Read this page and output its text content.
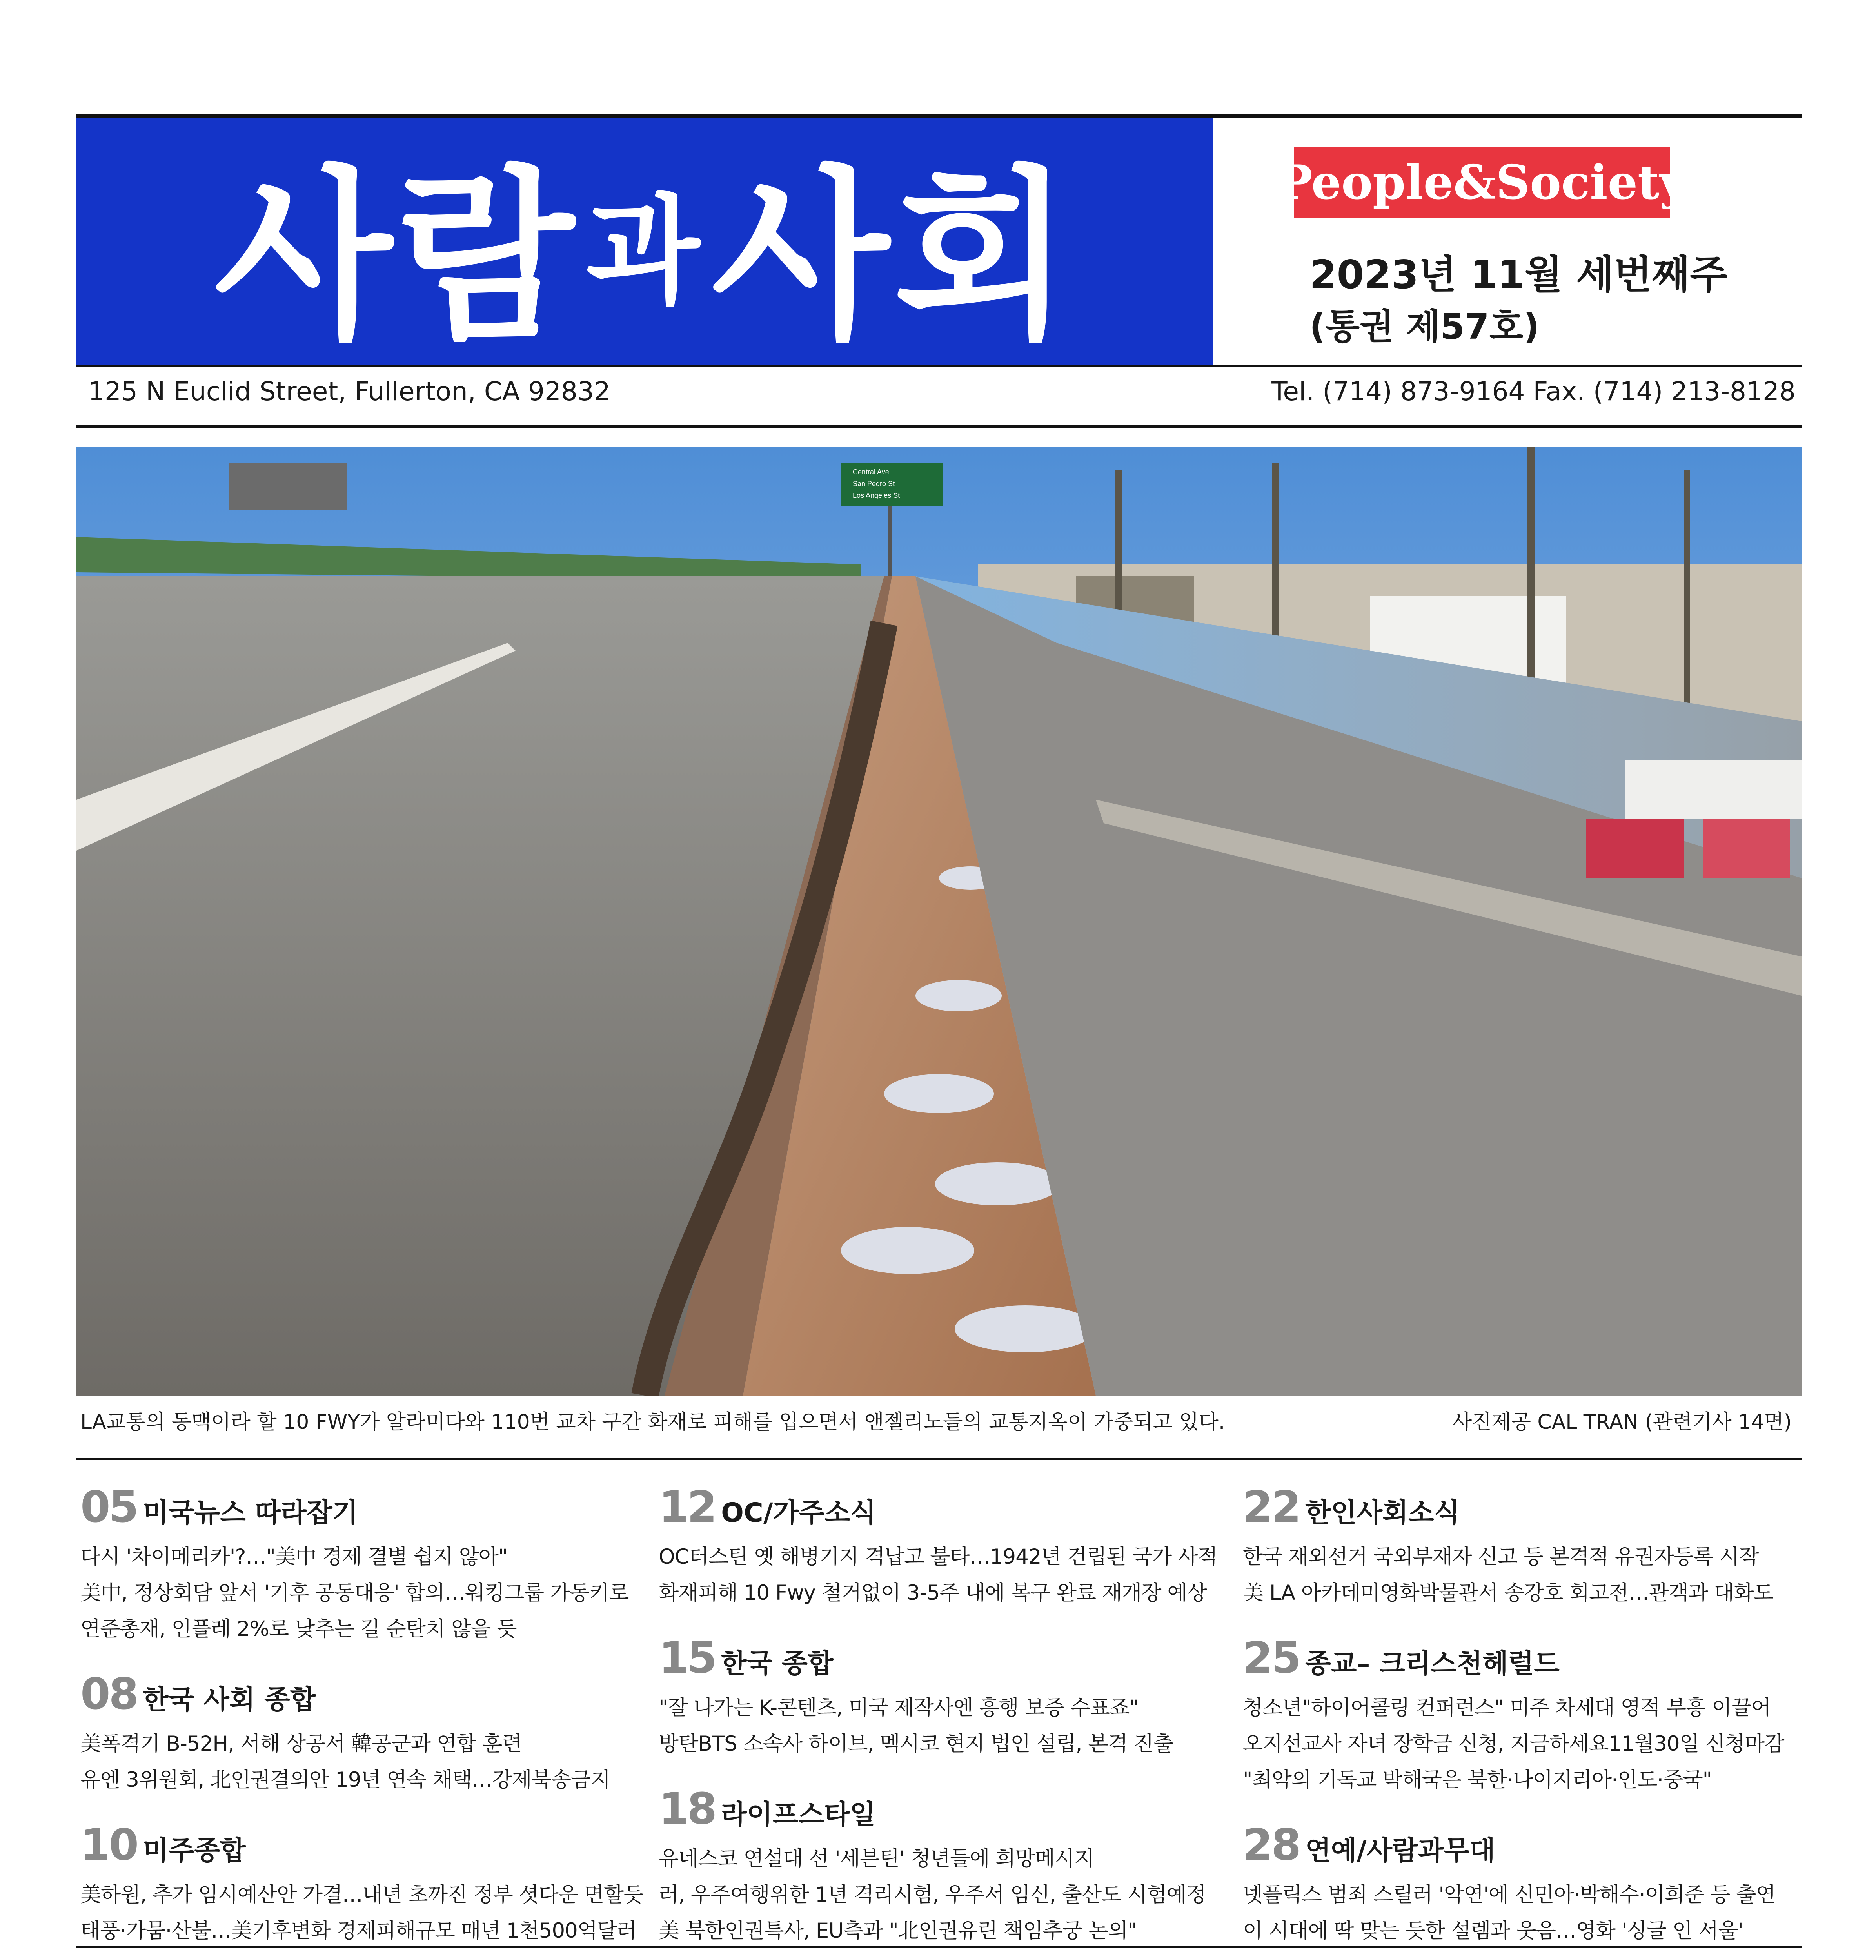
사람 과 사회	People&Society
2023년 11월 세번째주
(통권 제57호)
125 N Euclid Street, Fullerton, CA 92832	Tel. (714) 873-9164 Fax. (714) 213-8128
Central Ave
San Pedro St
Los Angeles St
LA교통의 동맥이라 할 10 FWY가 알라미다와 110번 교차 구간 화재로 피해를 입으면서 앤젤리노들의 교통지옥이 가중되고 있다.	사진제공 CAL TRAN (관련기사 14면)
05 미국뉴스 따라잡기
다시 '차이메리카'?…"美中 경제 결별 쉽지 않아"
美中, 정상회담 앞서 '기후 공동대응' 합의…워킹그룹 가동키로
연준총재, 인플레 2%로 낮추는 길 순탄치 않을 듯
08 한국 사회 종합
美폭격기 B-52H, 서해 상공서 韓공군과 연합 훈련
유엔 3위원회, 北인권결의안 19년 연속 채택…강제북송금지
10 미주종합
美하원, 추가 임시예산안 가결…내년 초까진 정부 셧다운 면할듯
태풍·가뭄·산불…美기후변화 경제피해규모 매년 1천500억달러
12 OC/가주소식
OC터스틴 옛 해병기지 격납고 불타…1942년 건립된 국가 사적
화재피해 10 Fwy 철거없이 3-5주 내에 복구 완료 재개장 예상
15 한국 종합
"잘 나가는 K-콘텐츠, 미국 제작사엔 흥행 보증 수표죠"
방탄BTS 소속사 하이브, 멕시코 현지 법인 설립, 본격 진출
18 라이프스타일
유네스코 연설대 선 '세븐틴' 청년들에 희망메시지
러, 우주여행위한 1년 격리시험, 우주서 임신, 출산도 시험예정
美 북한인권특사, EU측과 "北인권유린 책임추궁 논의"
22 한인사회소식
한국 재외선거 국외부재자 신고 등 본격적 유권자등록 시작
美 LA 아카데미영화박물관서 송강호 회고전…관객과 대화도
25 종교– 크리스천헤럴드
청소년"하이어콜링 컨퍼런스" 미주 차세대 영적 부흥 이끌어
오지선교사 자녀 장학금 신청, 지금하세요11월30일 신청마감
"최악의 기독교 박해국은 북한·나이지리아·인도·중국"
28 연예/사람과무대
넷플릭스 범죄 스릴러 '악연'에 신민아·박해수·이희준 등 출연
이 시대에 딱 맞는 듯한 설렘과 웃음…영화 '싱글 인 서울'
